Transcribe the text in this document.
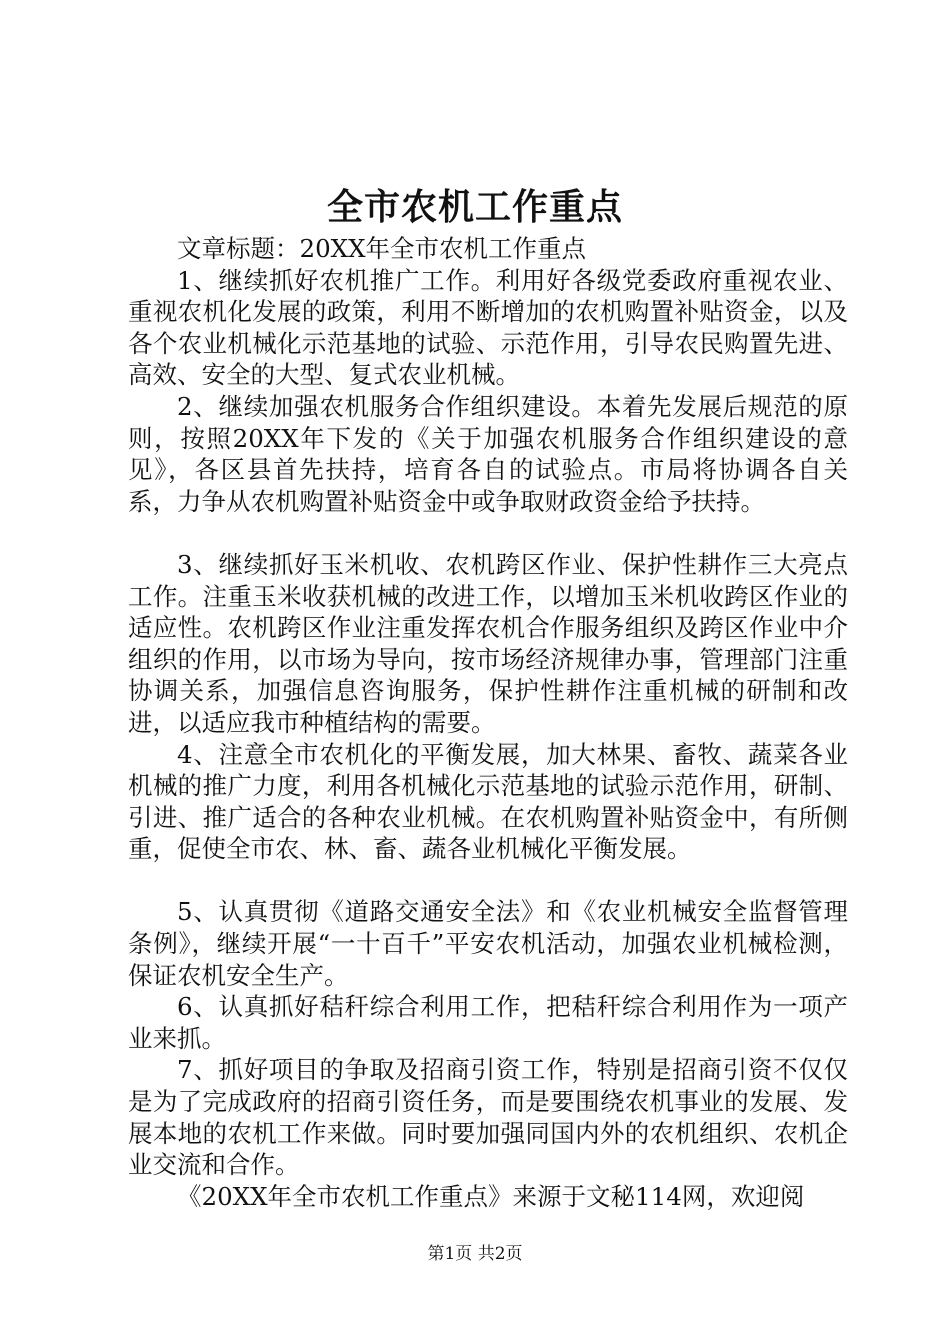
全市农机工作重点

文章标题：20XX年全市农机工作重点

1、继续抓好农机推广工作。利用好各级党委政府重视农业、重视农机化发展的政策，利用不断增加的农机购置补贴资金，以及各个农业机械化示范基地的试验、示范作用，引导农民购置先进、高效、安全的大型、复式农业机械。

2、继续加强农机服务合作组织建设。本着先发展后规范的原则，按照20XX年下发的《关于加强农机服务合作组织建设的意见》，各区县首先扶持，培育各自的试验点。市局将协调各自关系，力争从农机购置补贴资金中或争取财政资金给予扶持。

3、继续抓好玉米机收、农机跨区作业、保护性耕作三大亮点工作。注重玉米收获机械的改进工作，以增加玉米机收跨区作业的适应性。农机跨区作业注重发挥农机合作服务组织及跨区作业中介组织的作用，以市场为导向，按市场经济规律办事，管理部门注重协调关系，加强信息咨询服务，保护性耕作注重机械的研制和改进，以适应我市种植结构的需要。

4、注意全市农机化的平衡发展，加大林果、畜牧、蔬菜各业机械的推广力度，利用各机械化示范基地的试验示范作用，研制、引进、推广适合的各种农业机械。在农机购置补贴资金中，有所侧重，促使全市农、林、畜、蔬各业机械化平衡发展。

5、认真贯彻《道路交通安全法》和《农业机械安全监督管理条例》，继续开展“一十百千”平安农机活动，加强农业机械检测，保证农机安全生产。

6、认真抓好秸秆综合利用工作，把秸秆综合利用作为一项产业来抓。

7、抓好项目的争取及招商引资工作，特别是招商引资不仅仅是为了完成政府的招商引资任务，而是要围绕农机事业的发展、发展本地的农机工作来做。同时要加强同国内外的农机组织、农机企业交流和合作。

《20XX年全市农机工作重点》来源于文秘114网，欢迎阅

第1页 共2页
